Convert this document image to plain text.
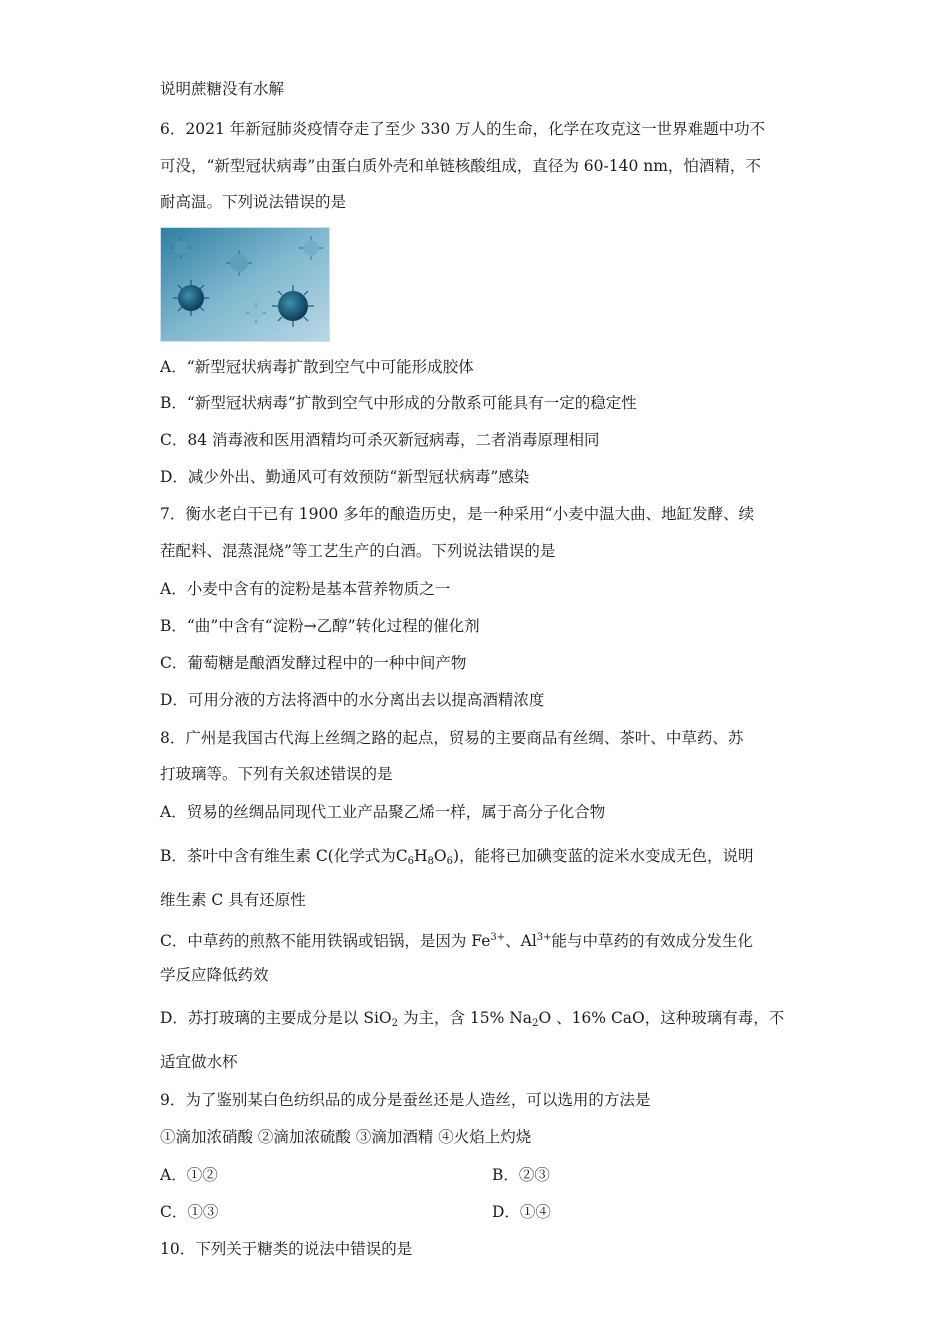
说明蔗糖没有水解
6．2021 年新冠肺炎疫情夺走了至少 330 万人的生命，化学在攻克这一世界难题中功不
可没，“新型冠状病毒”由蛋白质外壳和单链核酸组成，直径为 60-140 nm，怕酒精，不
耐高温。下列说法错误的是
A．“新型冠状病毒扩散到空气中可能形成胶体
B．“新型冠状病毒”扩散到空气中形成的分散系可能具有一定的稳定性
C．84 消毒液和医用酒精均可杀灭新冠病毒，二者消毒原理相同
D．减少外出、勤通风可有效预防“新型冠状病毒”感染
7．衡水老白干已有 1900 多年的酿造历史，是一种采用“小麦中温大曲、地缸发酵、续
茬配料、混蒸混烧”等工艺生产的白酒。下列说法错误的是
A．小麦中含有的淀粉是基本营养物质之一
B．“曲”中含有“淀粉→乙醇”转化过程的催化剂
C．葡萄糖是酿酒发酵过程中的一种中间产物
D．可用分液的方法将酒中的水分离出去以提高酒精浓度
8．广州是我国古代海上丝绸之路的起点，贸易的主要商品有丝绸、茶叶、中草药、苏
打玻璃等。下列有关叙述错误的是
A．贸易的丝绸品同现代工业产品聚乙烯一样，属于高分子化合物
B．茶叶中含有维生素 C(化学式为$C_6H_8O_6$)，能将已加碘变蓝的淀米水变成无色，说明
维生素 C 具有还原性
C．中草药的煎熬不能用铁锅或铝锅，是因为 $Fe^{3+}$、$Al^{3+}$能与中草药的有效成分发生化
学反应降低药效
D．苏打玻璃的主要成分是以 SiO$_2$ 为主，含 15% $Na_2O$ 、16% CaO，这种玻璃有毒，不
适宜做水杯
9．为了鉴别某白色纺织品的成分是蚕丝还是人造丝，可以选用的方法是
①滴加浓硝酸 ②滴加浓硫酸 ③滴加酒精 ④火焰上灼烧
A．①②	B．②③
C．①③	D．①④
10．下列关于糖类的说法中错误的是
